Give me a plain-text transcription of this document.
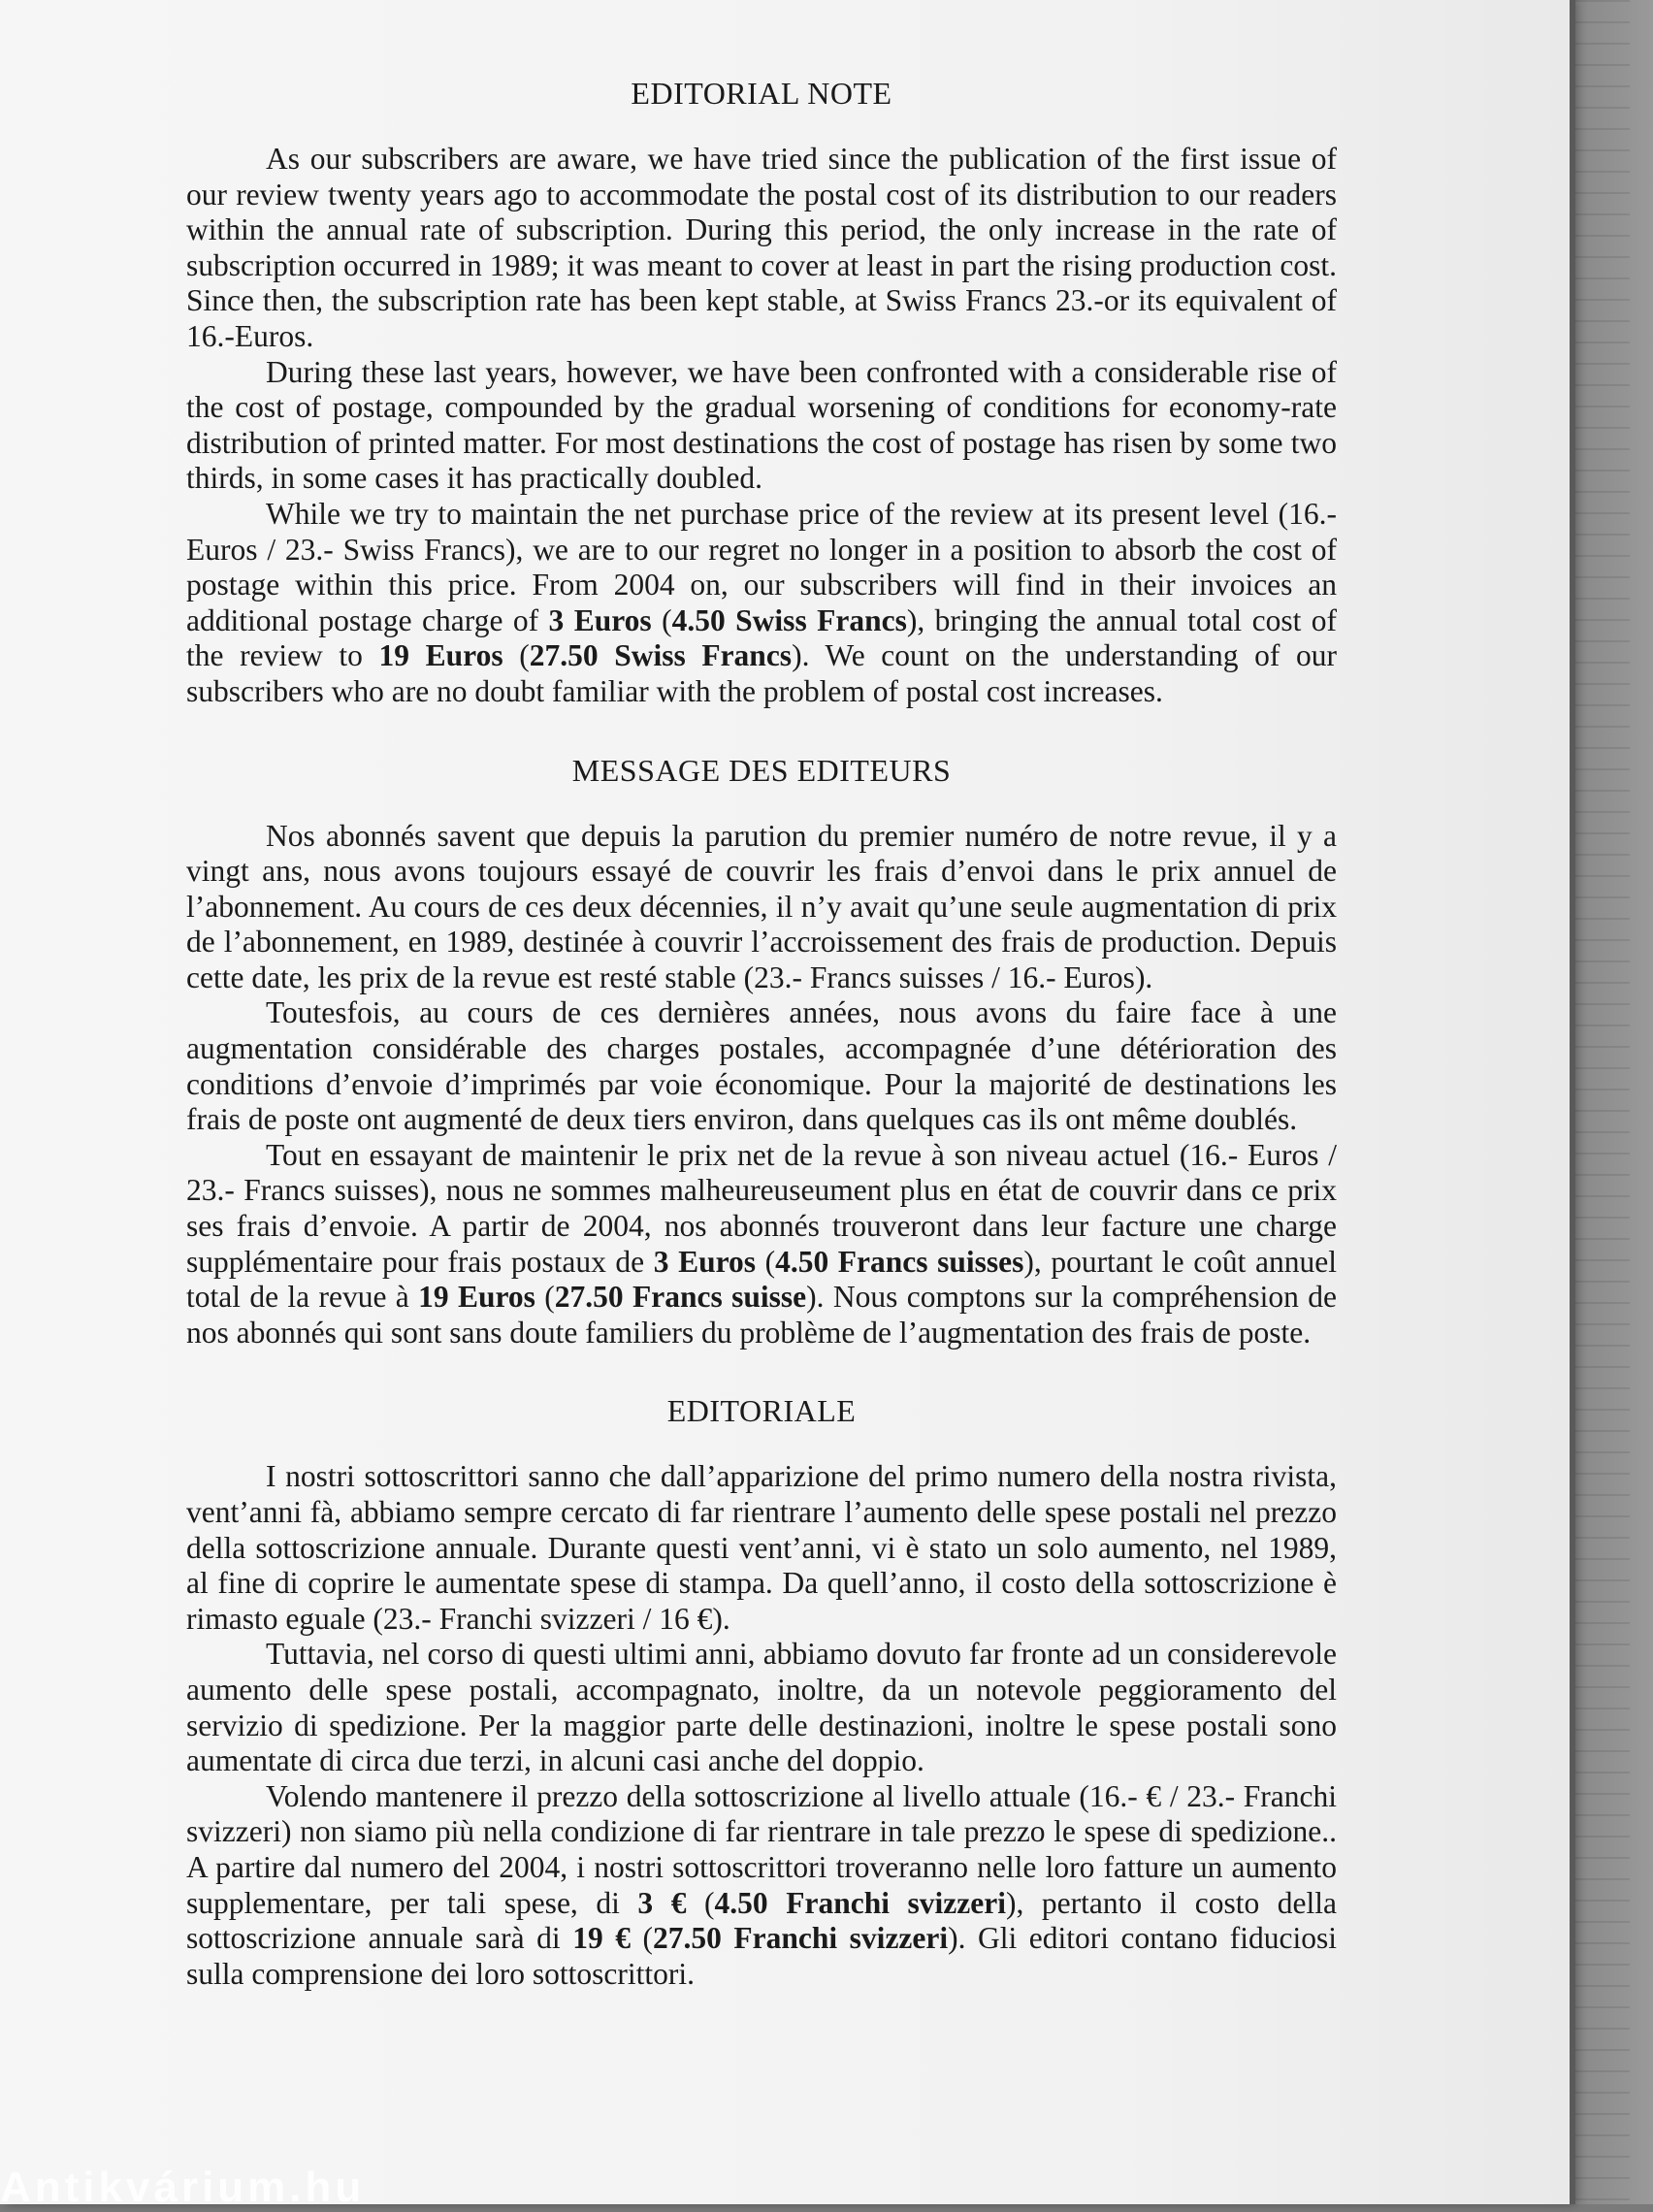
EDITORIAL NOTE

As our subscribers are aware, we have tried since the publication of the first issue of our review twenty years ago to accommodate the postal cost of its distribution to our readers within the annual rate of subscription. During this period, the only increase in the rate of subscription occurred in 1989; it was meant to cover at least in part the rising production cost. Since then, the subscription rate has been kept stable, at Swiss Francs 23.-or its equivalent of 16.-Euros.

During these last years, however, we have been confronted with a considerable rise of the cost of postage, compounded by the gradual worsening of conditions for economy-rate distribution of printed matter. For most destinations the cost of postage has risen by some two thirds, in some cases it has practically doubled.

While we try to maintain the net purchase price of the review at its present level (16.- Euros / 23.- Swiss Francs), we are to our regret no longer in a position to absorb the cost of postage within this price. From 2004 on, our subscribers will find in their invoices an additional postage charge of 3 Euros (4.50 Swiss Francs), bringing the annual total cost of the review to 19 Euros (27.50 Swiss Francs). We count on the understanding of our subscribers who are no doubt familiar with the problem of postal cost increases.

MESSAGE DES EDITEURS

Nos abonnés savent que depuis la parution du premier numéro de notre revue, il y a vingt ans, nous avons toujours essayé de couvrir les frais d’envoi dans le prix annuel de l’abonnement. Au cours de ces deux décennies, il n’y avait qu’une seule augmentation di prix de l’abonnement, en 1989, destinée à couvrir l’accroissement des frais de production. Depuis cette date, les prix de la revue est resté stable (23.- Francs suisses / 16.- Euros).

Toutesfois, au cours de ces dernières années, nous avons du faire face à une augmentation considérable des charges postales, accompagnée d’une détérioration des conditions d’envoie d’imprimés par voie économique. Pour la majorité de destinations les frais de poste ont augmenté de deux tiers environ, dans quelques cas ils ont même doublés.

Tout en essayant de maintenir le prix net de la revue à son niveau actuel (16.- Euros / 23.- Francs suisses), nous ne sommes malheureuseument plus en état de couvrir dans ce prix ses frais d’envoie. A partir de 2004, nos abonnés trouveront dans leur facture une charge supplémentaire pour frais postaux de 3 Euros (4.50 Francs suisses), pourtant le coût annuel total de la revue à 19 Euros (27.50 Francs suisse). Nous comptons sur la compréhension de nos abonnés qui sont sans doute familiers du problème de l’augmentation des frais de poste.

EDITORIALE

I nostri sottoscrittori sanno che dall’apparizione del primo numero della nostra rivista, vent’anni fà, abbiamo sempre cercato di far rientrare l’aumento delle spese postali nel prezzo della sottoscrizione annuale. Durante questi vent’anni, vi è stato un solo aumento, nel 1989, al fine di coprire le aumentate spese di stampa. Da quell’anno, il costo della sottoscrizione è rimasto eguale (23.- Franchi svizzeri / 16 €).

Tuttavia, nel corso di questi ultimi anni, abbiamo dovuto far fronte ad un considerevole aumento delle spese postali, accompagnato, inoltre, da un notevole peggioramento del servizio di spedizione. Per la maggior parte delle destinazioni, inoltre le spese postali sono aumentate di circa due terzi, in alcuni casi anche del doppio.

Volendo mantenere il prezzo della sottoscrizione al livello attuale (16.- € / 23.- Franchi svizzeri) non siamo più nella condizione di far rientrare in tale prezzo le spese di spedizione.. A partire dal numero del 2004, i nostri sottoscrittori troveranno nelle loro fatture un aumento supplementare, per tali spese, di 3 € (4.50 Franchi svizzeri), pertanto il costo della sottoscrizione annuale sarà di 19 € (27.50 Franchi svizzeri). Gli editori contano fiduciosi sulla comprensione dei loro sottoscrittori.

Antikvárium.hu
